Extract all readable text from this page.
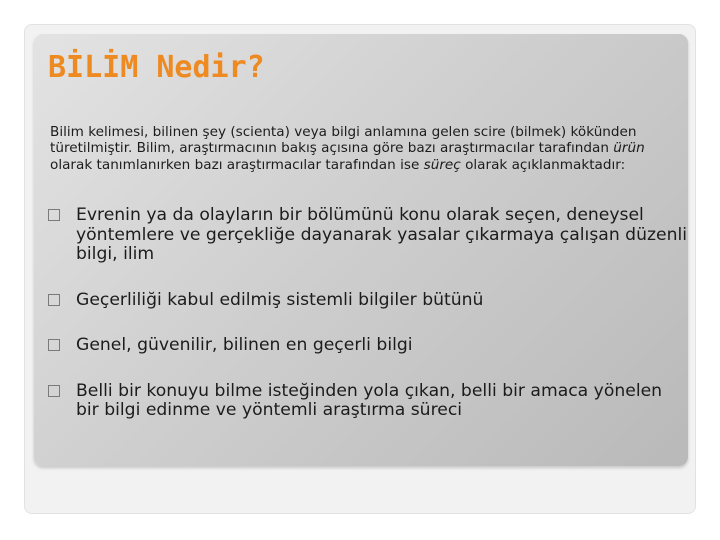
BİLİM Nedir?

Bilim kelimesi, bilinen şey (scienta) veya bilgi anlamına gelen scire (bilmek) kökünden türetilmiştir. Bilim, araştırmacının bakış açısına göre bazı araştırmacılar tarafından ürün olarak tanımlanırken bazı araştırmacılar tarafından ise süreç olarak açıklanmaktadır:

Evrenin ya da olayların bir bölümünü konu olarak seçen, deneysel yöntemlere ve gerçekliğe dayanarak yasalar çıkarmaya çalışan düzenli bilgi, ilim
Geçerliliği kabul edilmiş sistemli bilgiler bütünü
Genel, güvenilir, bilinen en geçerli bilgi
Belli bir konuyu bilme isteğinden yola çıkan, belli bir amaca yönelen bir bilgi edinme ve yöntemli araştırma süreci
